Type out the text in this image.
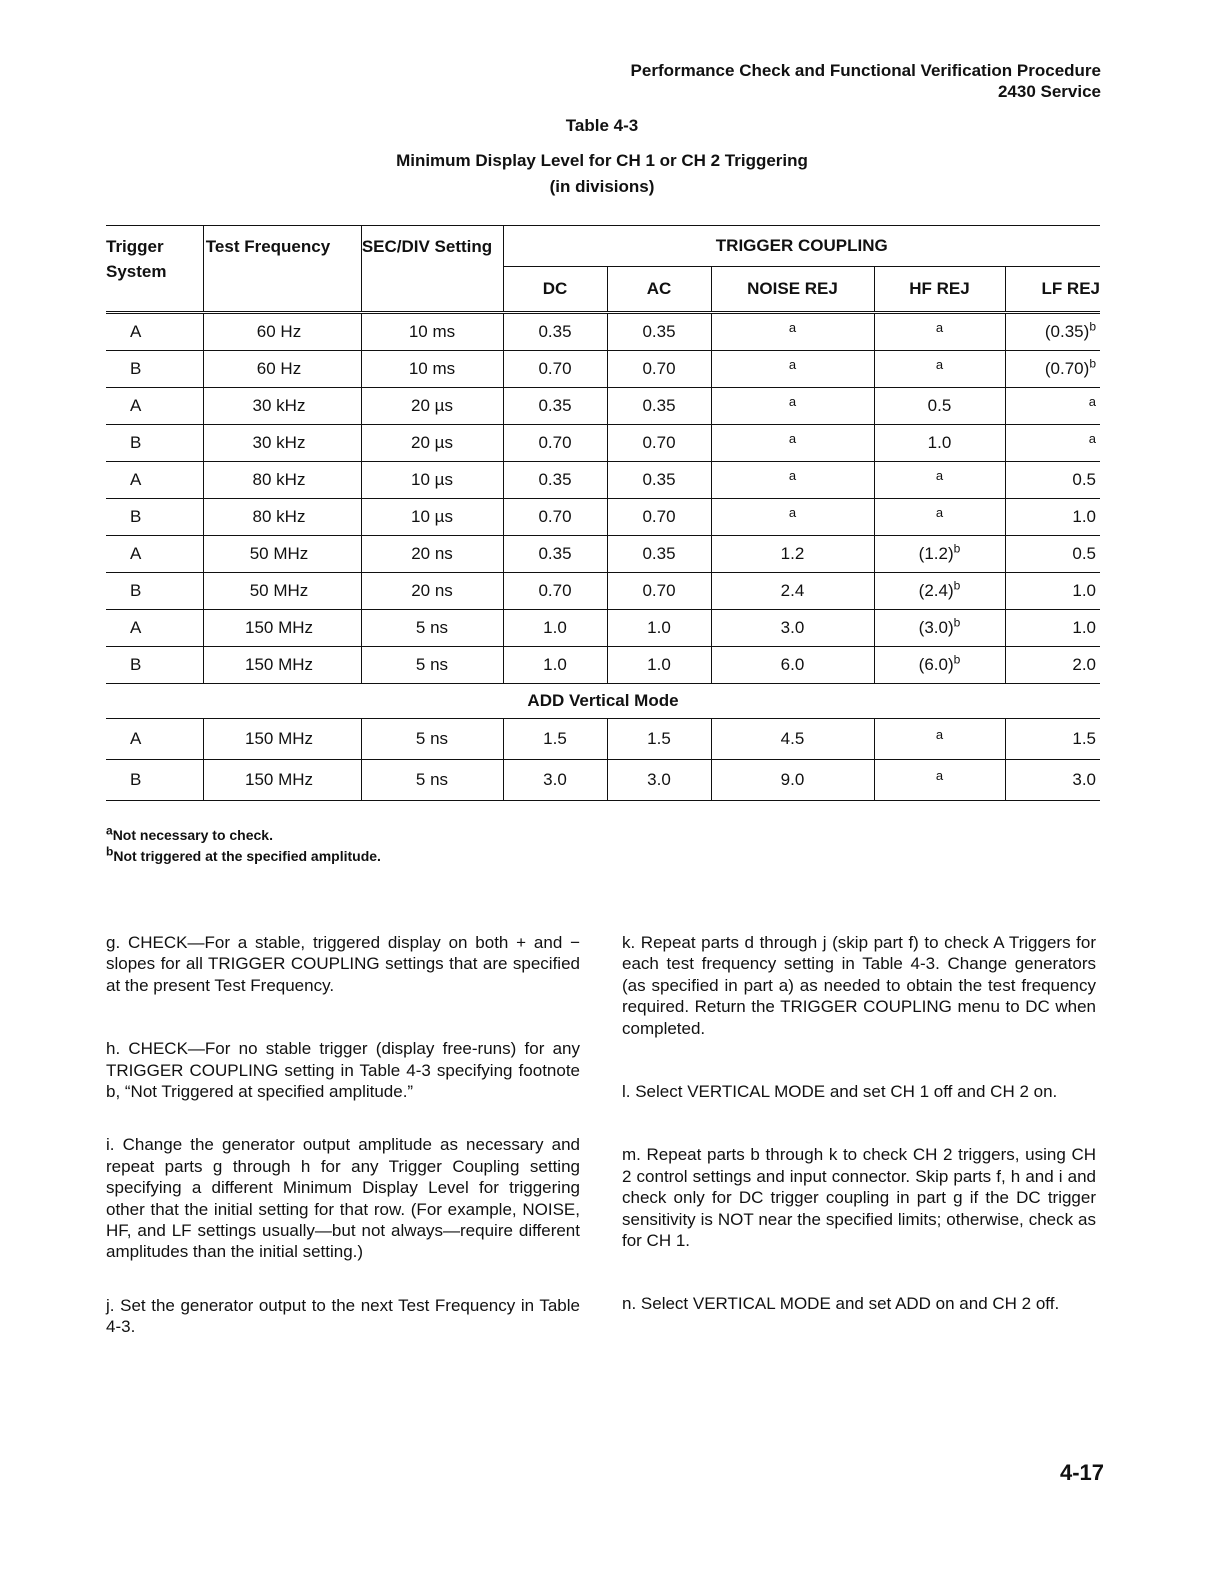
Performance Check and Functional Verification Procedure
2430 Service
Table 4-3
Minimum Display Level for CH 1 or CH 2 Triggering
(in divisions)
Trigger System	Test Frequency	SEC/DIV Setting	TRIGGER COUPLING				
			DC	AC	NOISE REJ	HF REJ	LF REJ
A	60 Hz	10 ms	0.35	0.35	$^a$	$^a$	$(0.35)^b$
B	60 Hz	10 ms	0.70	0.70	$^a$	$^a$	$(0.70)^b$
A	30 kHz	20 µs	0.35	0.35	$^a$	0.5	$^a$
B	30 kHz	20 µs	0.70	0.70	$^a$	1.0	$^a$
A	80 kHz	10 µs	0.35	0.35	$^a$	$^a$	0.5
B	80 kHz	10 µs	0.70	0.70	$^a$	$^a$	1.0
A	50 MHz	20 ns	0.35	0.35	1.2	$(1.2)^b$	0.5
B	50 MHz	20 ns	0.70	0.70	2.4	$(2.4)^b$	1.0
A	150 MHz	5 ns	1.0	1.0	3.0	$(3.0)^b$	1.0
B	150 MHz	5 ns	1.0	1.0	6.0	$(6.0)^b$	2.0
ADD Vertical Mode							
A	150 MHz	5 ns	1.5	1.5	4.5	$^a$	1.5
B	150 MHz	5 ns	3.0	3.0	9.0	$^a$	3.0
aNot necessary to check.
bNot triggered at the specified amplitude.

g. CHECK—For a stable, triggered display on both + and − slopes for all TRIGGER COUPLING settings that are specified at the present Test Frequency.

h. CHECK—For no stable trigger (display free-runs) for any TRIGGER COUPLING setting in Table 4-3 specifying footnote b, “Not Triggered at specified amplitude.”

i. Change the generator output amplitude as necessary and repeat parts g through h for any Trigger Coupling setting specifying a different Minimum Display Level for triggering other that the initial setting for that row. (For example, NOISE, HF, and LF settings usually—but not always—require different amplitudes than the initial setting.)

j. Set the generator output to the next Test Frequency in Table 4-3.

k. Repeat parts d through j (skip part f) to check A Triggers for each test frequency setting in Table 4-3. Change generators (as specified in part a) as needed to obtain the test frequency required. Return the TRIGGER COUPLING menu to DC when completed.

l. Select VERTICAL MODE and set CH 1 off and CH 2 on.

m. Repeat parts b through k to check CH 2 triggers, using CH 2 control settings and input connector. Skip parts f, h and i and check only for DC trigger coupling in part g if the DC trigger sensitivity is NOT near the specified limits; otherwise, check as for CH 1.

n. Select VERTICAL MODE and set ADD on and CH 2 off.

4-17
